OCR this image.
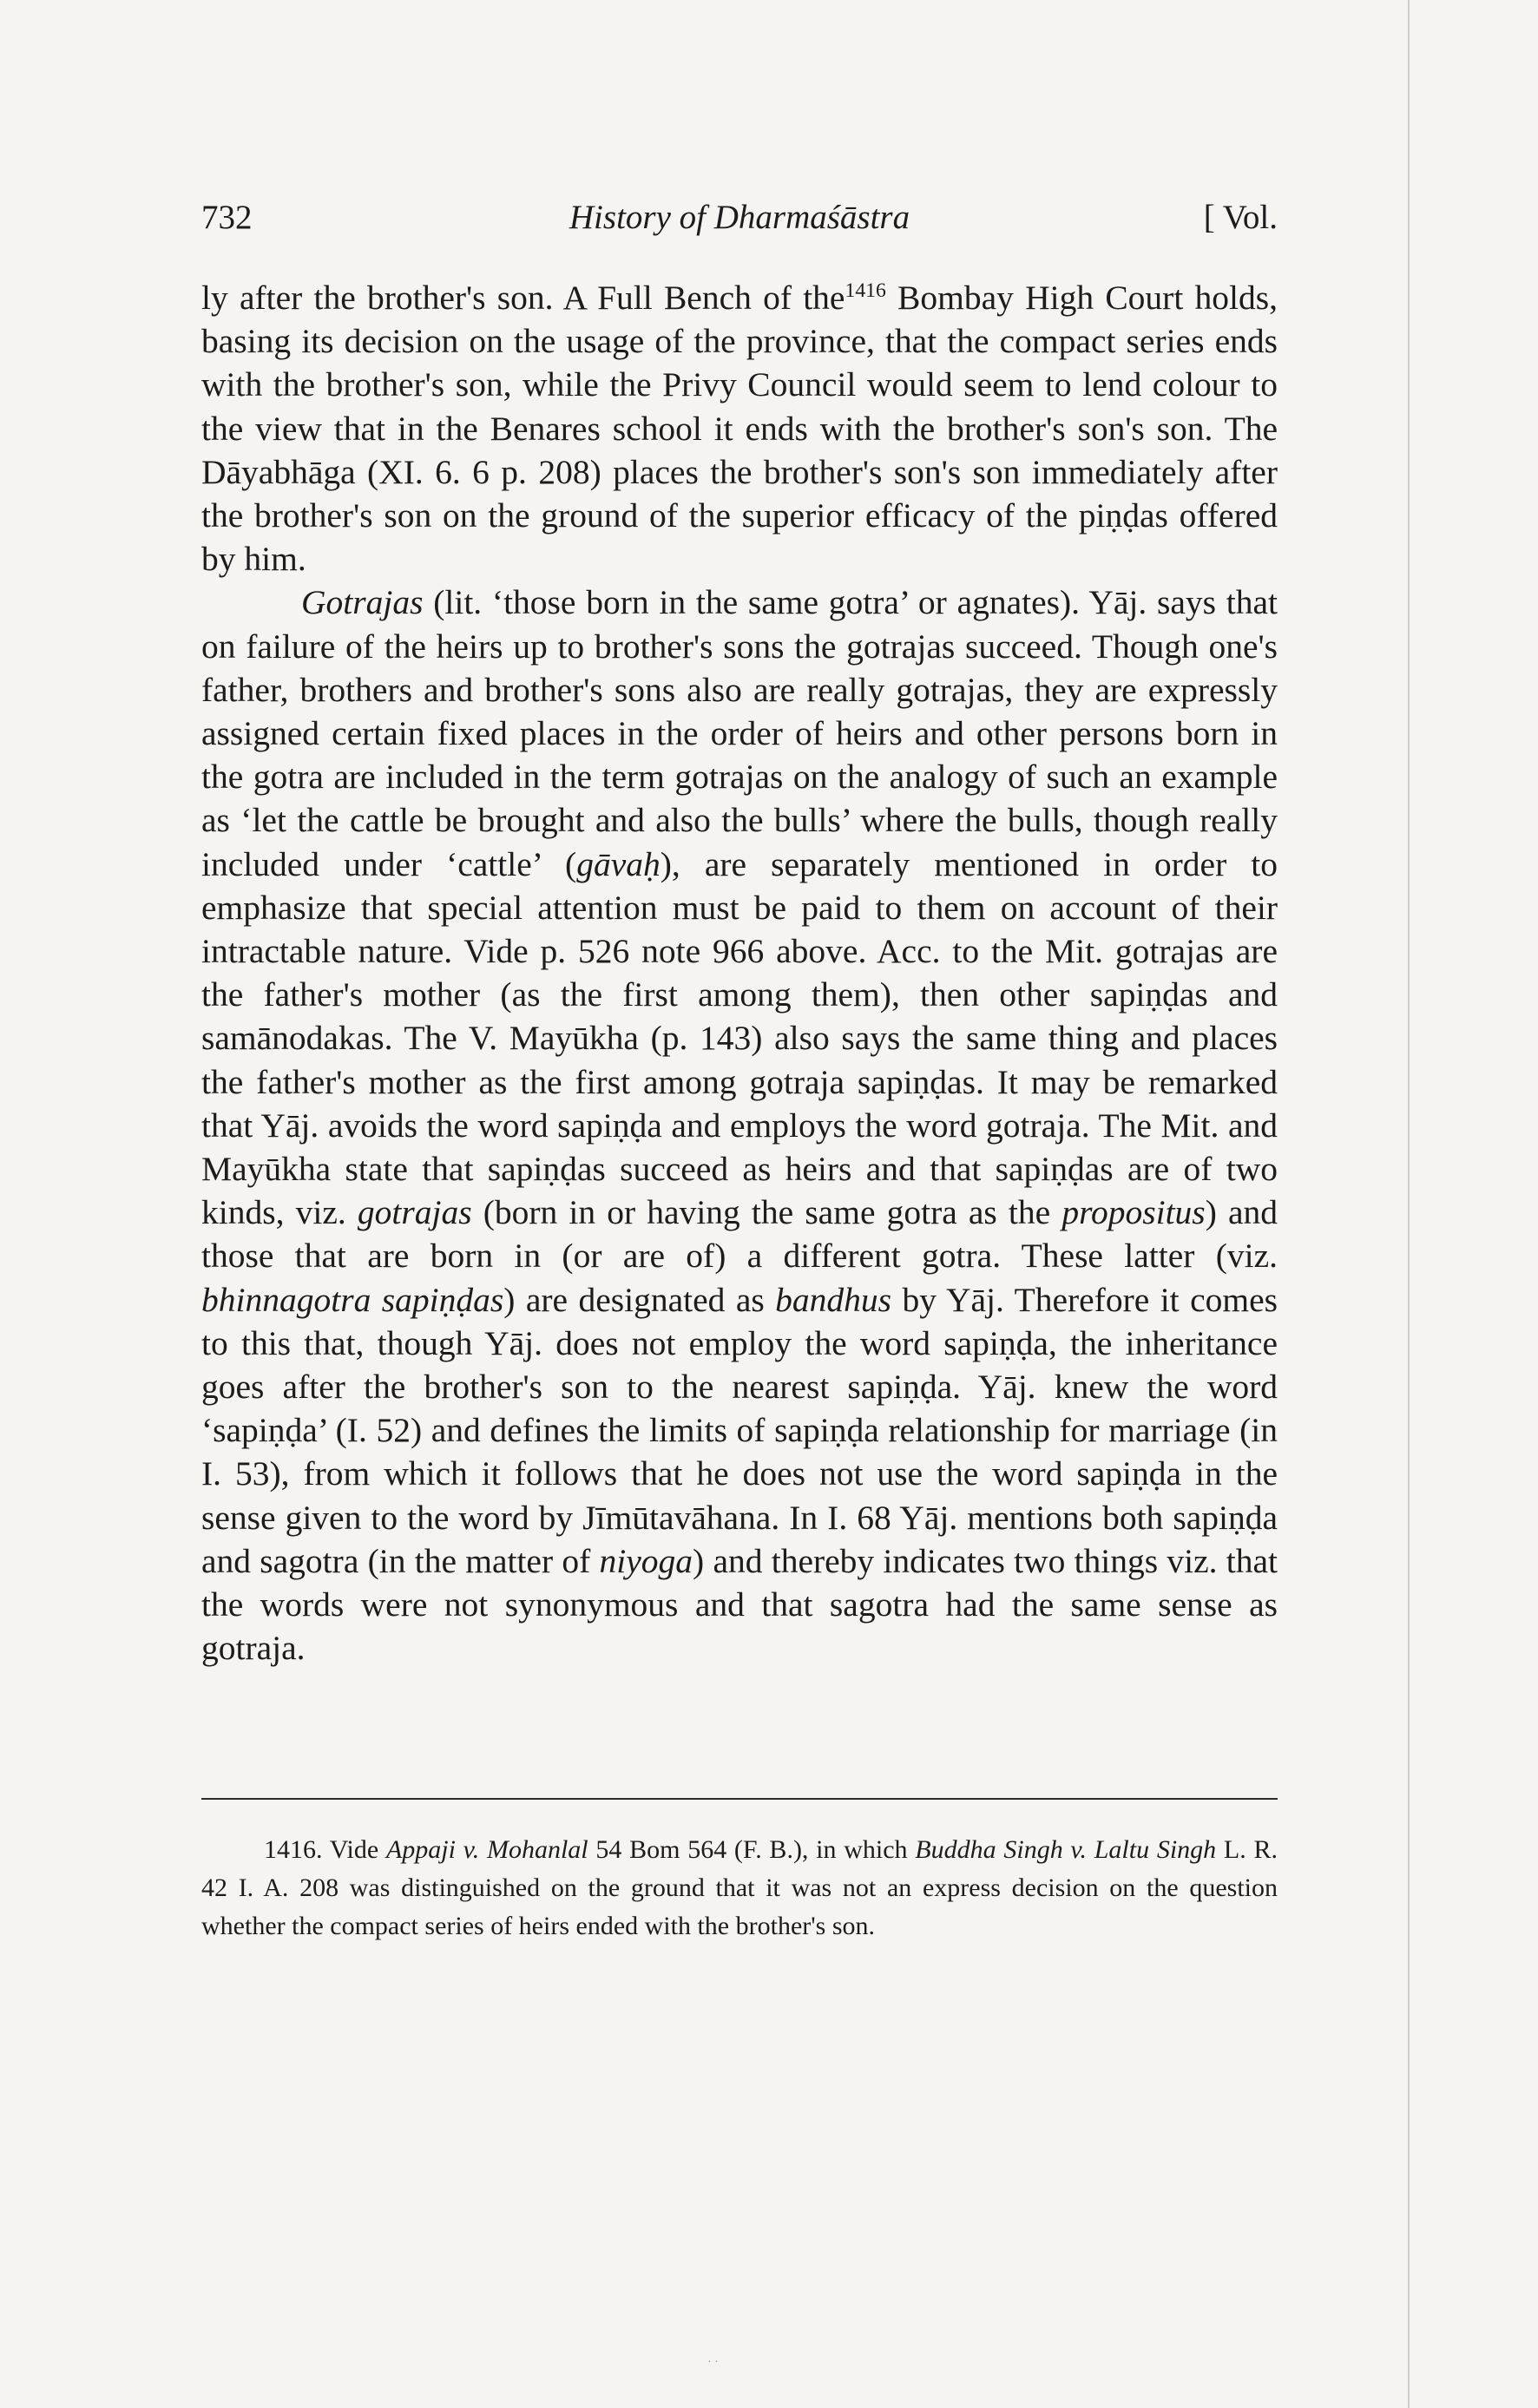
732	History of Dharmaśāstra	[ Vol.

ly after the brother's son. A Full Bench of the$^{1416}$ Bombay High Court holds, basing its decision on the usage of the province, that the compact series ends with the brother's son, while the Privy Council would seem to lend colour to the view that in the Benares school it ends with the brother's son's son. The Dāyabhāga (XI. 6. 6 p. 208) places the brother's son's son immediately after the brother's son on the ground of the superior efficacy of the piṇḍas offered by him.

Gotrajas (lit. ‘those born in the same gotra’ or agnates). Yāj. says that on failure of the heirs up to brother's sons the gotrajas succeed. Though one's father, brothers and brother's sons also are really gotrajas, they are expressly assigned certain fixed places in the order of heirs and other persons born in the gotra are included in the term gotrajas on the analogy of such an example as ‘let the cattle be brought and also the bulls’ where the bulls, though really included under ‘cattle’ (gāvaḥ), are separately mentioned in order to emphasize that special attention must be paid to them on account of their intractable nature. Vide p. 526 note 966 above. Acc. to the Mit. gotrajas are the father's mother (as the first among them), then other sapiṇḍas and samānodakas. The V. Mayūkha (p. 143) also says the same thing and places the father's mother as the first among gotraja sapiṇḍas. It may be remarked that Yāj. avoids the word sapiṇḍa and employs the word gotraja. The Mit. and Mayūkha state that sapiṇḍas succeed as heirs and that sapiṇḍas are of two kinds, viz. gotrajas (born in or having the same gotra as the propositus) and those that are born in (or are of) a different gotra. These latter (viz. bhinnagotra sapiṇḍas) are designated as bandhus by Yāj. Therefore it comes to this that, though Yāj. does not employ the word sapiṇḍa, the inheritance goes after the brother's son to the nearest sapiṇḍa. Yāj. knew the word ‘sapiṇḍa’ (I. 52) and defines the limits of sapiṇḍa relationship for marriage (in I. 53), from which it follows that he does not use the word sapiṇḍa in the sense given to the word by Jīmūtavāhana. In I. 68 Yāj. mentions both sapiṇḍa and sagotra (in the matter of niyoga) and thereby indicates two things viz. that the words were not synonymous and that sagotra had the same sense as gotraja.

1416. Vide Appaji v. Mohanlal 54 Bom 564 (F. B.), in which Buddha Singh v. Laltu Singh L. R. 42 I. A. 208 was distinguished on the ground that it was not an express decision on the question whether the compact series of heirs ended with the brother's son.
· ·
